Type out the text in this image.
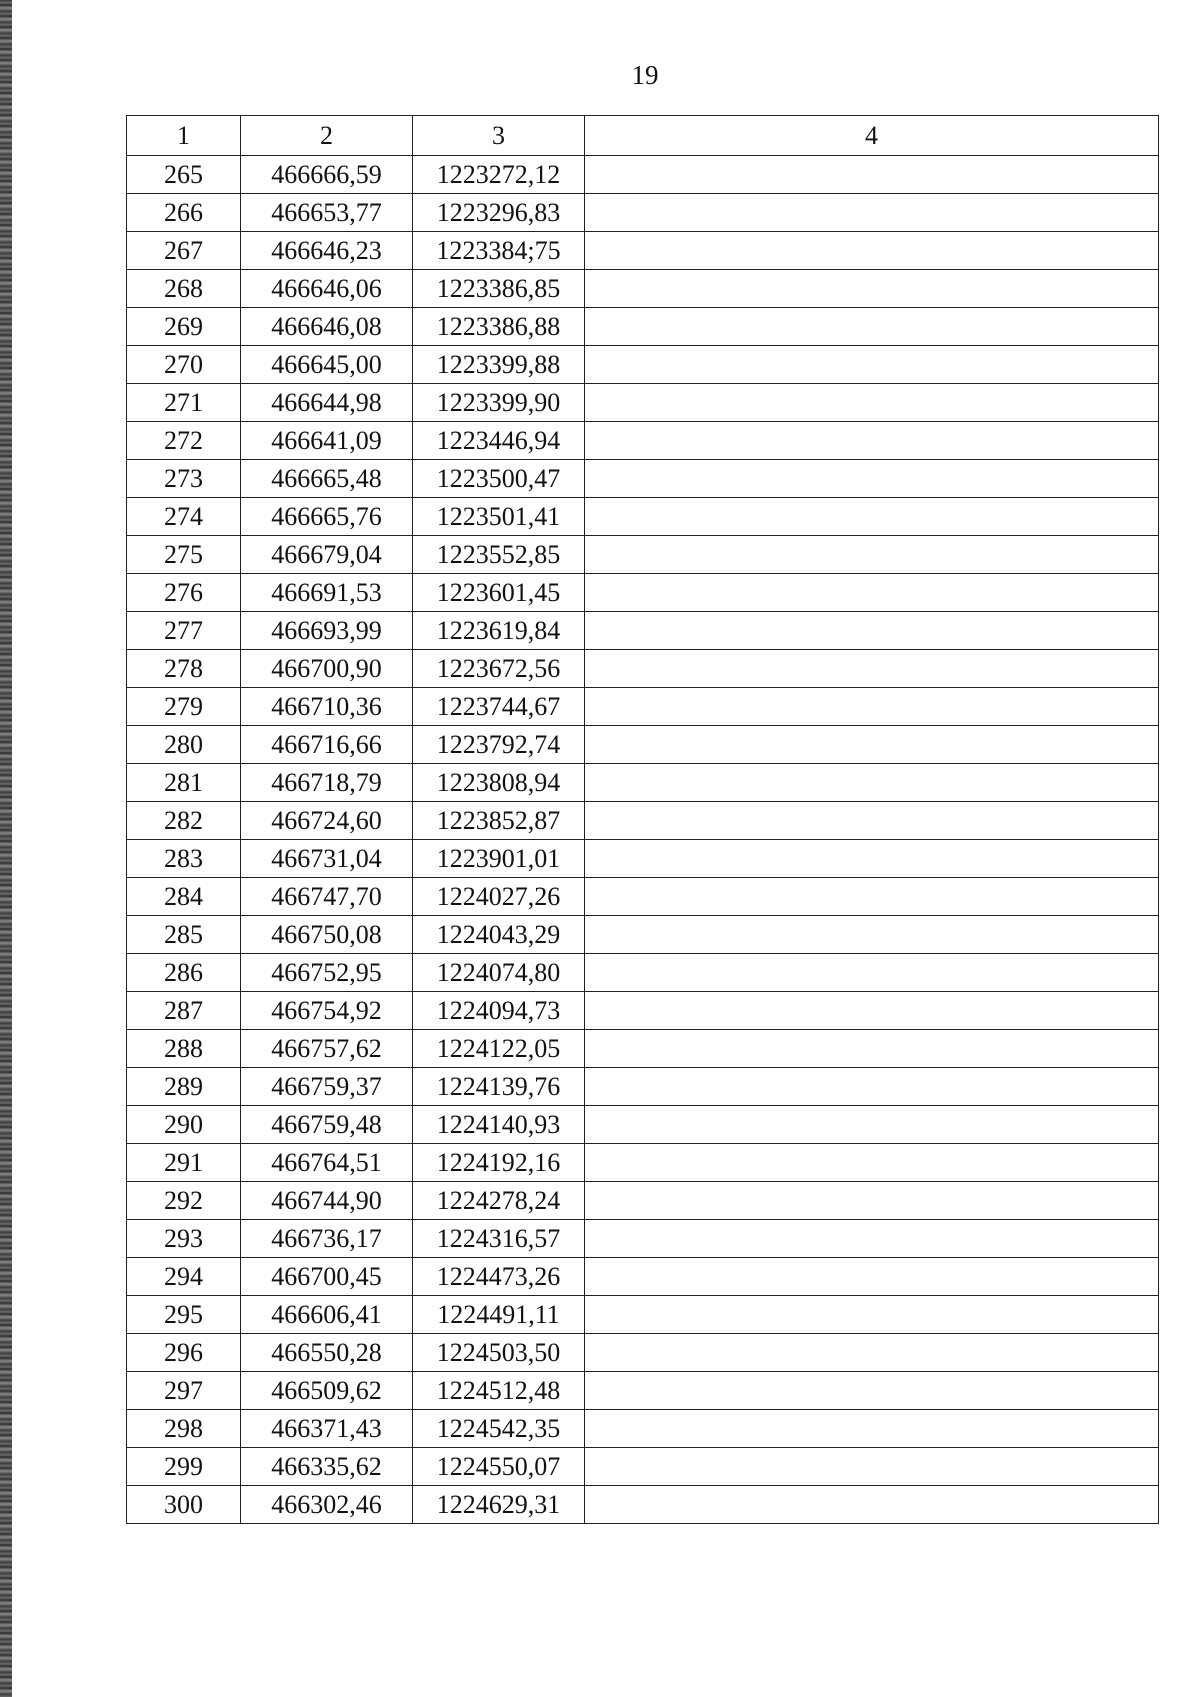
19
1	2	3	4
265	466666,59	1223272,12	
266	466653,77	1223296,83	
267	466646,23	1223384;75	
268	466646,06	1223386,85	
269	466646,08	1223386,88	
270	466645,00	1223399,88	
271	466644,98	1223399,90	
272	466641,09	1223446,94	
273	466665,48	1223500,47	
274	466665,76	1223501,41	
275	466679,04	1223552,85	
276	466691,53	1223601,45	
277	466693,99	1223619,84	
278	466700,90	1223672,56	
279	466710,36	1223744,67	
280	466716,66	1223792,74	
281	466718,79	1223808,94	
282	466724,60	1223852,87	
283	466731,04	1223901,01	
284	466747,70	1224027,26	
285	466750,08	1224043,29	
286	466752,95	1224074,80	
287	466754,92	1224094,73	
288	466757,62	1224122,05	
289	466759,37	1224139,76	
290	466759,48	1224140,93	
291	466764,51	1224192,16	
292	466744,90	1224278,24	
293	466736,17	1224316,57	
294	466700,45	1224473,26	
295	466606,41	1224491,11	
296	466550,28	1224503,50	
297	466509,62	1224512,48	
298	466371,43	1224542,35	
299	466335,62	1224550,07	
300	466302,46	1224629,31	
